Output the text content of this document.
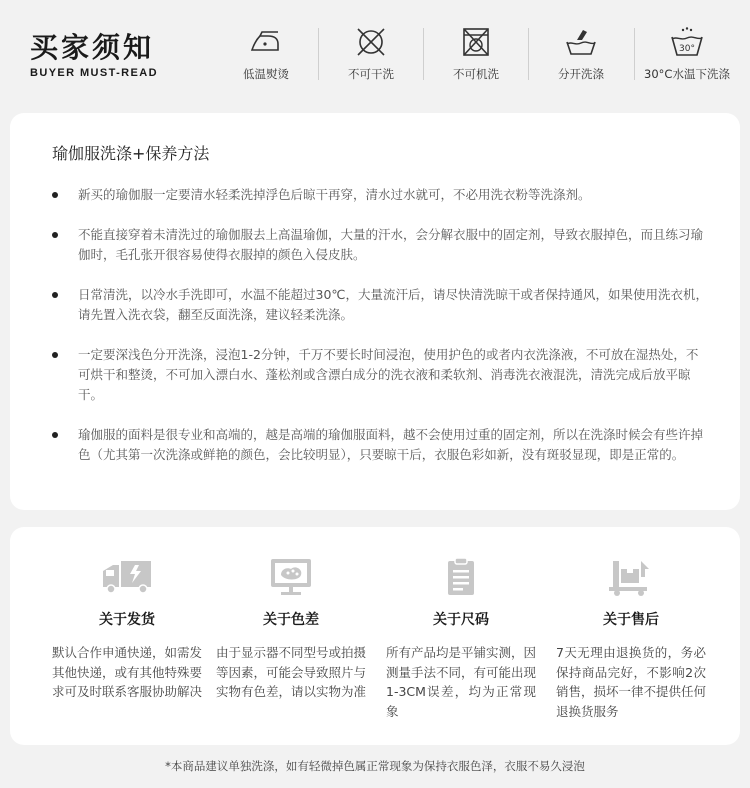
买家须知
BUYER MUST-READ	低温熨烫	不可干洗	不可机洗	分开洗涤
30°
30°C水温下洗涤
瑜伽服洗涤+保养方法
新买的瑜伽服一定要清水轻柔洗掉浮色后晾干再穿，清水过水就可，不必用洗衣粉等洗涤剂。
不能直接穿着未清洗过的瑜伽服去上高温瑜伽，大量的汗水，会分解衣服中的固定剂，导致衣服掉色，而且练习瑜伽时，毛孔张开很容易使得衣服掉的颜色入侵皮肤。
日常清洗，以冷水手洗即可，水温不能超过30℃，大量流汗后，请尽快清洗晾干或者保持通风，如果使用洗衣机，请先置入洗衣袋，翻至反面洗涤，建议轻柔洗涤。
一定要深浅色分开洗涤，浸泡1-2分钟，千万不要长时间浸泡，使用护色的或者内衣洗涤液，不可放在湿热处，不可烘干和整烫，不可加入漂白水、蓬松剂或含漂白成分的洗衣液和柔软剂、消毒洗衣液混洗，清洗完成后放平晾干。
瑜伽服的面料是很专业和高端的，越是高端的瑜伽服面料，越不会使用过重的固定剂，所以在洗涤时候会有些许掉色（尤其第一次洗涤或鲜艳的颜色，会比较明显），只要晾干后，衣服色彩如新，没有斑驳显现，即是正常的。
关于发货
默认合作申通快递，如需发其他快递，或有其他特殊要求可及时联系客服协助解决
关于色差
由于显示器不同型号或拍摄等因素，可能会导致照片与实物有色差，请以实物为准
关于尺码
所有产品均是平铺实测，因测量手法不同，有可能出现1-3CM误差，均为正常现象
关于售后
7天无理由退换货的，务必保持商品完好，不影响2次销售，损坏一律不提供任何退换货服务
*本商品建议单独洗涤，如有轻微掉色属正常现象为保持衣服色泽，衣服不易久浸泡
